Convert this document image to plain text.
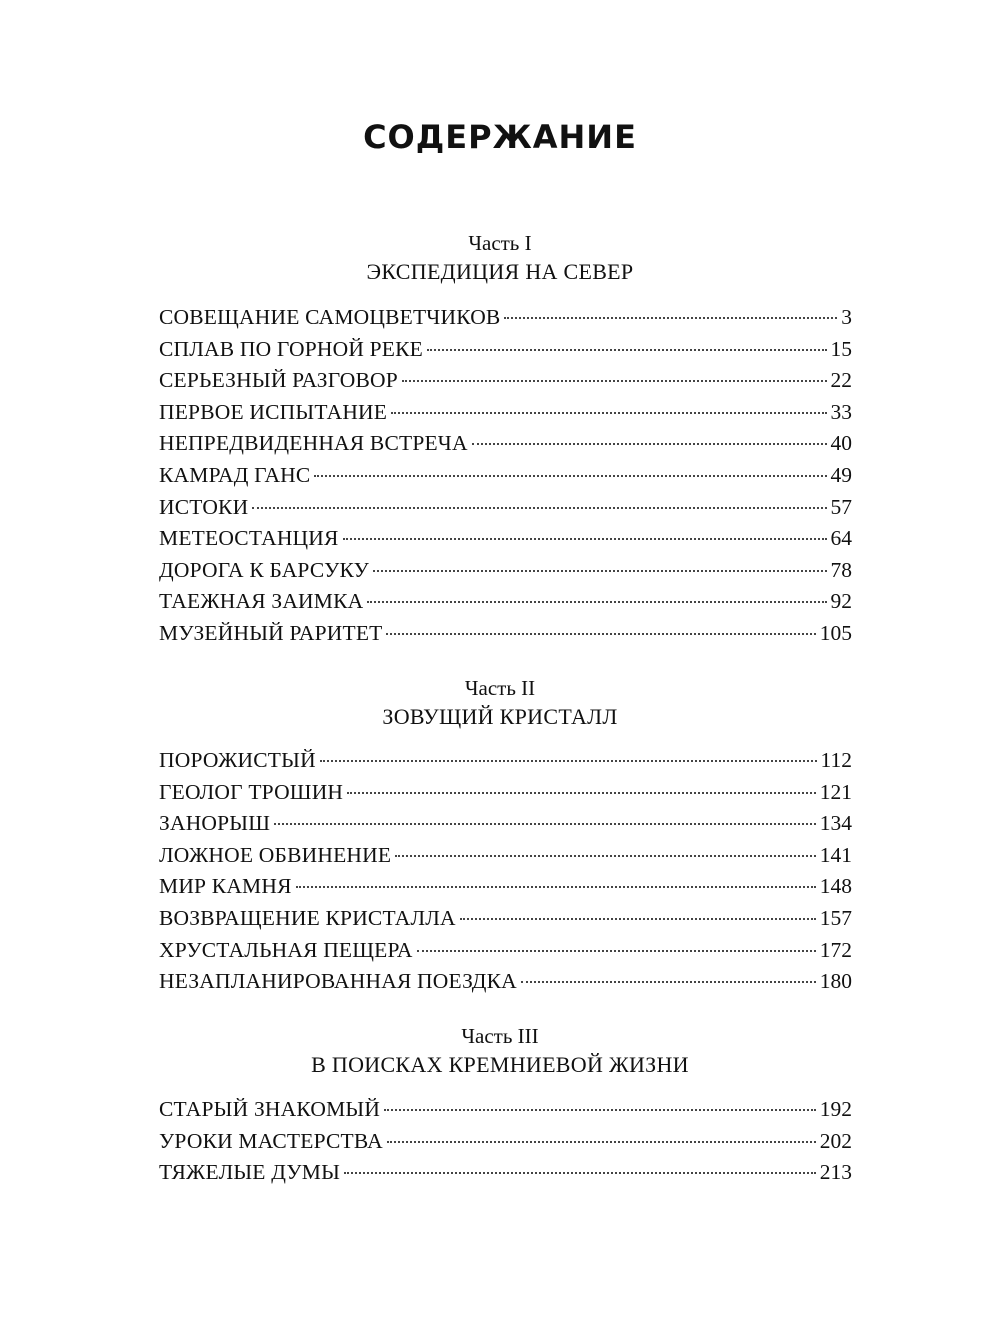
СОДЕРЖАНИЕ
Часть I
ЭКСПЕДИЦИЯ НА СЕВЕР
СОВЕЩАНИЕ САМОЦВЕТЧИКОВ	3
СПЛАВ ПО ГОРНОЙ РЕКЕ	15
СЕРЬЕЗНЫЙ РАЗГОВОР	22
ПЕРВОЕ ИСПЫТАНИЕ	33
НЕПРЕДВИДЕННАЯ ВСТРЕЧА	40
КАМРАД ГАНС	49
ИСТОКИ	57
МЕТЕОСТАНЦИЯ	64
ДОРОГА К БАРСУКУ	78
ТАЕЖНАЯ ЗАИМКА	92
МУЗЕЙНЫЙ РАРИТЕТ	105
Часть II
ЗОВУЩИЙ КРИСТАЛЛ
ПОРОЖИСТЫЙ	112
ГЕОЛОГ ТРОШИН	121
ЗАНОРЫШ	134
ЛОЖНОЕ ОБВИНЕНИЕ	141
МИР КАМНЯ	148
ВОЗВРАЩЕНИЕ КРИСТАЛЛА	157
ХРУСТАЛЬНАЯ ПЕЩЕРА	172
НЕЗАПЛАНИРОВАННАЯ ПОЕЗДКА	180
Часть III
В ПОИСКАХ КРЕМНИЕВОЙ ЖИЗНИ
СТАРЫЙ ЗНАКОМЫЙ	192
УРОКИ МАСТЕРСТВА	202
ТЯЖЕЛЫЕ ДУМЫ	213
